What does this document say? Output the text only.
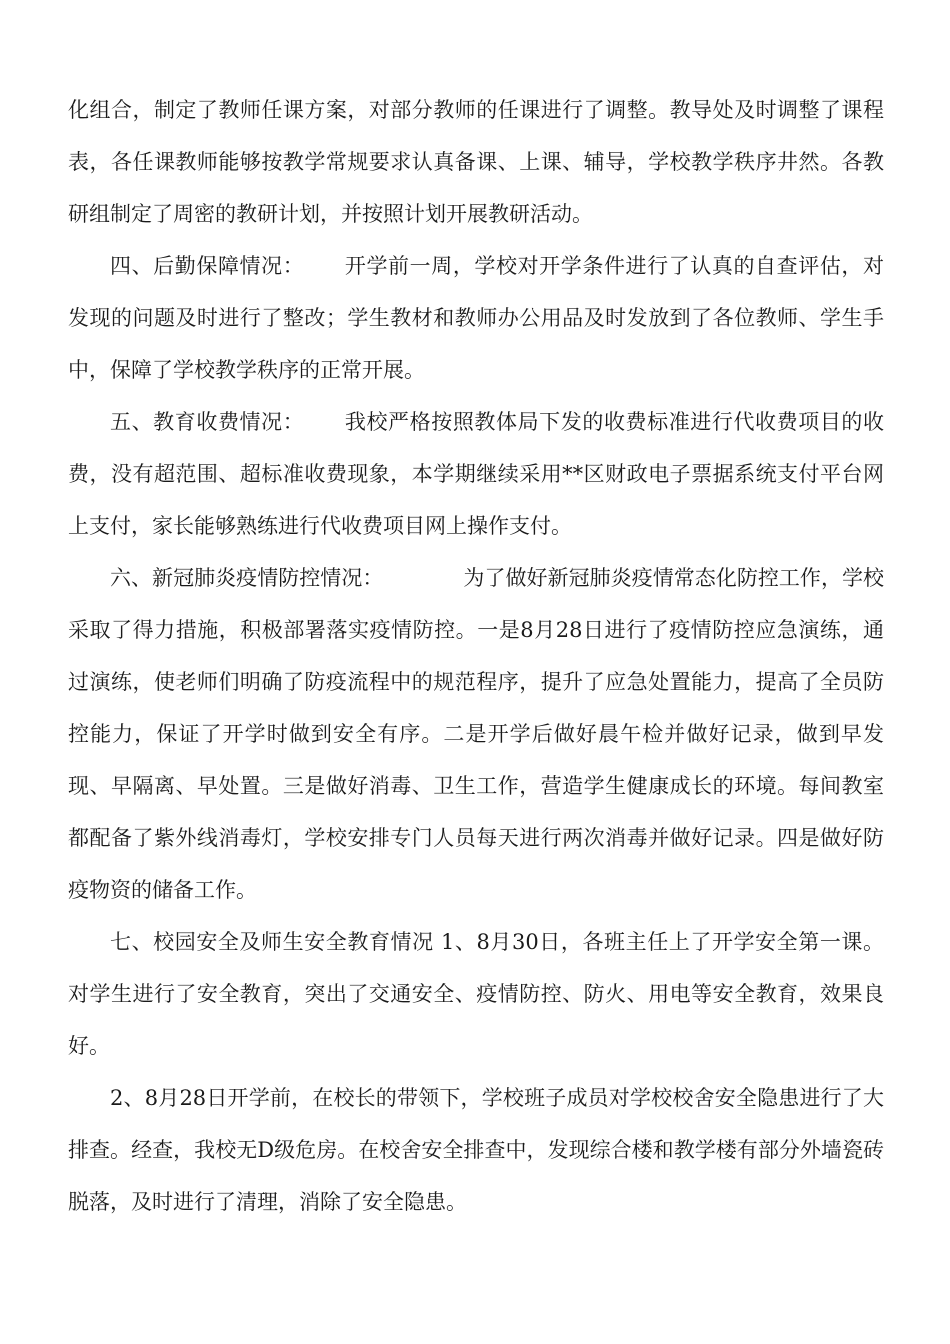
化组合，制定了教师任课方案，对部分教师的任课进行了调整。教导处及时调整了课程表，各任课教师能够按教学常规要求认真备课、上课、辅导，学校教学秩序井然。各教研组制定了周密的教研计划，并按照计划开展教研活动。

四、后勤保障情况： 开学前一周，学校对开学条件进行了认真的自查评估，对发现的问题及时进行了整改；学生教材和教师办公用品及时发放到了各位教师、学生手中，保障了学校教学秩序的正常开展。

五、教育收费情况： 我校严格按照教体局下发的收费标准进行代收费项目的收费，没有超范围、超标准收费现象，本学期继续采用**区财政电子票据系统支付平台网上支付，家长能够熟练进行代收费项目网上操作支付。

六、新冠肺炎疫情防控情况：	为了做好新冠肺炎疫情常态化防控工作，学校采取了得力措施，积极部署落实疫情防控。一是8月28日进行了疫情防控应急演练，通过演练，使老师们明确了防疫流程中的规范程序，提升了应急处置能力，提高了全员防控能力，保证了开学时做到安全有序。二是开学后做好晨午检并做好记录，做到早发现、早隔离、早处置。三是做好消毒、卫生工作，营造学生健康成长的环境。每间教室都配备了紫外线消毒灯，学校安排专门人员每天进行两次消毒并做好记录。四是做好防疫物资的储备工作。

七、校园安全及师生安全教育情况 1、8月30日，各班主任上了开学安全第一课。对学生进行了安全教育，突出了交通安全、疫情防控、防火、用电等安全教育，效果良好。

2、8月28日开学前，在校长的带领下，学校班子成员对学校校舍安全隐患进行了大排查。经查，我校无D级危房。在校舍安全排查中，发现综合楼和教学楼有部分外墙瓷砖脱落，及时进行了清理，消除了安全隐患。
